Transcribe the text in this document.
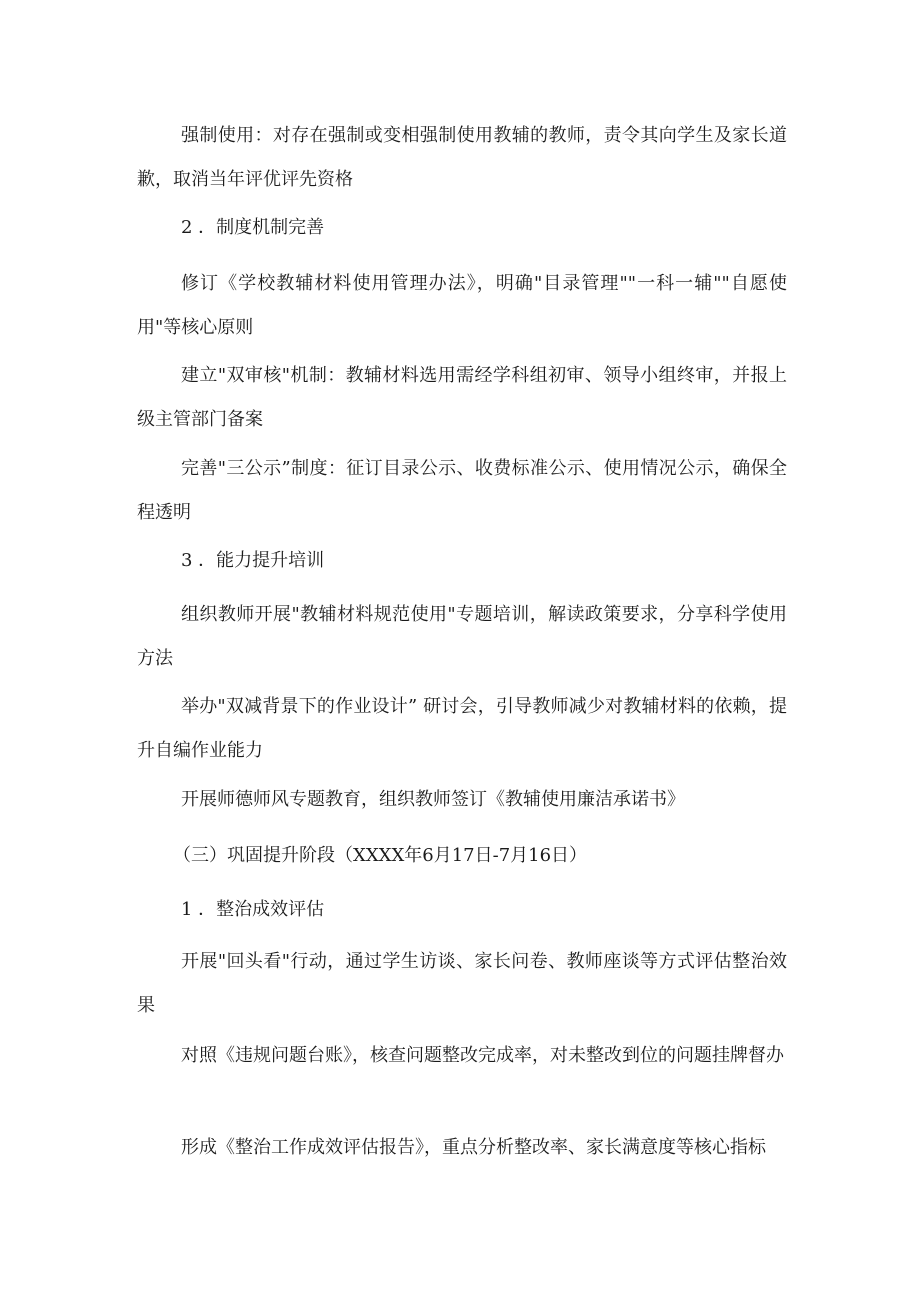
强制使用：对存在强制或变相强制使用教辅的教师，责令其向学生及家长道歉，取消当年评优评先资格

2 ．制度机制完善

修订《学校教辅材料使用管理办法》，明确"目录管理""一科一辅""自愿使用"等核心原则

建立"双审核"机制：教辅材料选用需经学科组初审、领导小组终审，并报上级主管部门备案

完善"三公示”制度：征订目录公示、收费标准公示、使用情况公示，确保全程透明

3 ．能力提升培训

组织教师开展"教辅材料规范使用"专题培训，解读政策要求，分享科学使用方法

举办"双减背景下的作业设计” 研讨会，引导教师减少对教辅材料的依赖，提升自编作业能力

开展师德师风专题教育，组织教师签订《教辅使用廉洁承诺书》

（三）巩固提升阶段（XXXX年6月17日-7月16日）

1 ．整治成效评估

开展"回头看"行动，通过学生访谈、家长问卷、教师座谈等方式评估整治效果

对照《违规问题台账》，核查问题整改完成率，对未整改到位的问题挂牌督办

形成《整治工作成效评估报告》，重点分析整改率、家长满意度等核心指标
